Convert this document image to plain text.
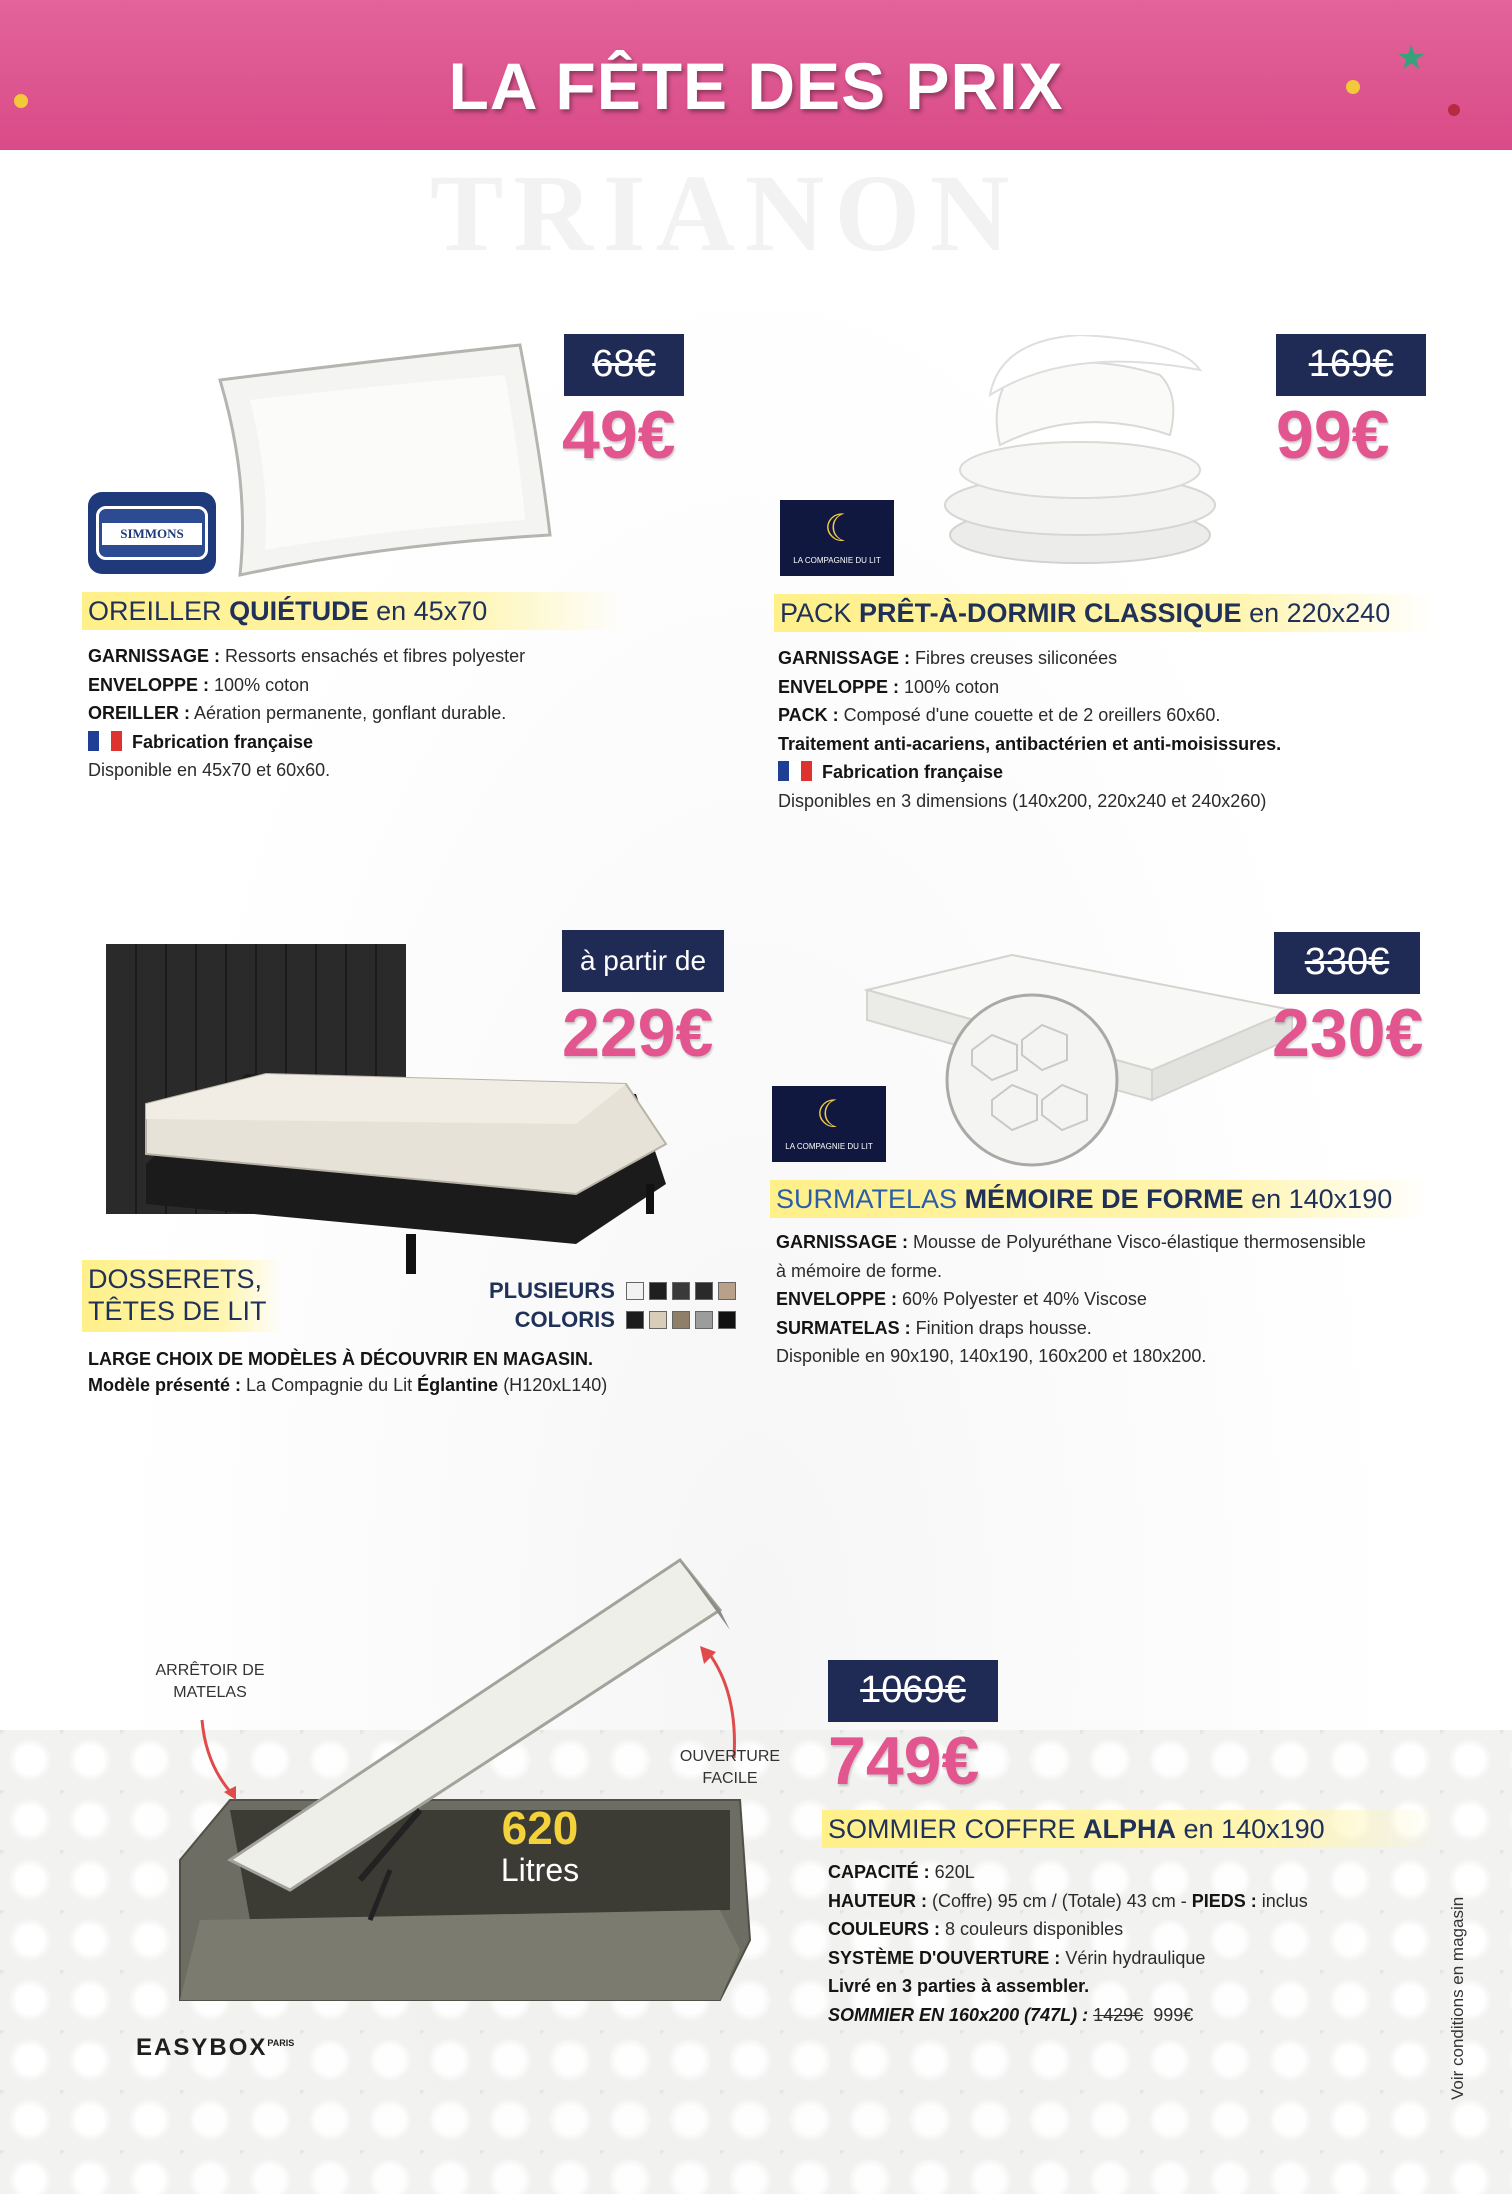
TRIANON
LA FÊTE DES PRIX	★
SIMMONS
68€
49€
OREILLER QUIÉTUDE en 45x70
GARNISSAGE : Ressorts ensachés et fibres polyester
ENVELOPPE : 100% coton
OREILLER : Aération permanente, gonflant durable.
Fabrication française
Disponible en 45x70 et 60x60.
☾
LA COMPAGNIE DU LIT
169€
99€
PACK PRÊT-À-DORMIR CLASSIQUE en 220x240
GARNISSAGE : Fibres creuses siliconées
ENVELOPPE : 100% coton
PACK : Composé d'une couette et de 2 oreillers 60x60.
Traitement anti-acariens, antibactérien et anti-moisissures.
Fabrication française
Disponibles en 3 dimensions (140x200, 220x240 et 240x260)
à partir de
229€
DOSSERETS,
TÊTES DE LIT
PLUSIEURS
COLORIS
LARGE CHOIX DE MODÈLES À DÉCOUVRIR EN MAGASIN.
Modèle présenté : La Compagnie du Lit Églantine (H120xL140)
☾
LA COMPAGNIE DU LIT
330€
230€
SURMATELAS MÉMOIRE DE FORME en 140x190
GARNISSAGE : Mousse de Polyuréthane Visco-élastique thermosensible
à mémoire de forme.
ENVELOPPE : 60% Polyester et 40% Viscose
SURMATELAS : Finition draps housse.
Disponible en 90x190, 140x190, 160x200 et 180x200.
ARRÊTOIR DE
MATELAS
OUVERTURE
FACILE
620
Litres
$EASYBOX^{PARIS}$
1069€
749€
SOMMIER COFFRE ALPHA en 140x190
CAPACITÉ : 620L
HAUTEUR : (Coffre) 95 cm / (Totale) 43 cm - PIEDS : inclus
COULEURS : 8 couleurs disponibles
SYSTÈME D'OUVERTURE : Vérin hydraulique
Livré en 3 parties à assembler.
SOMMIER EN 160x200 (747L) : 1429€ 999€	Voir conditions en magasin
